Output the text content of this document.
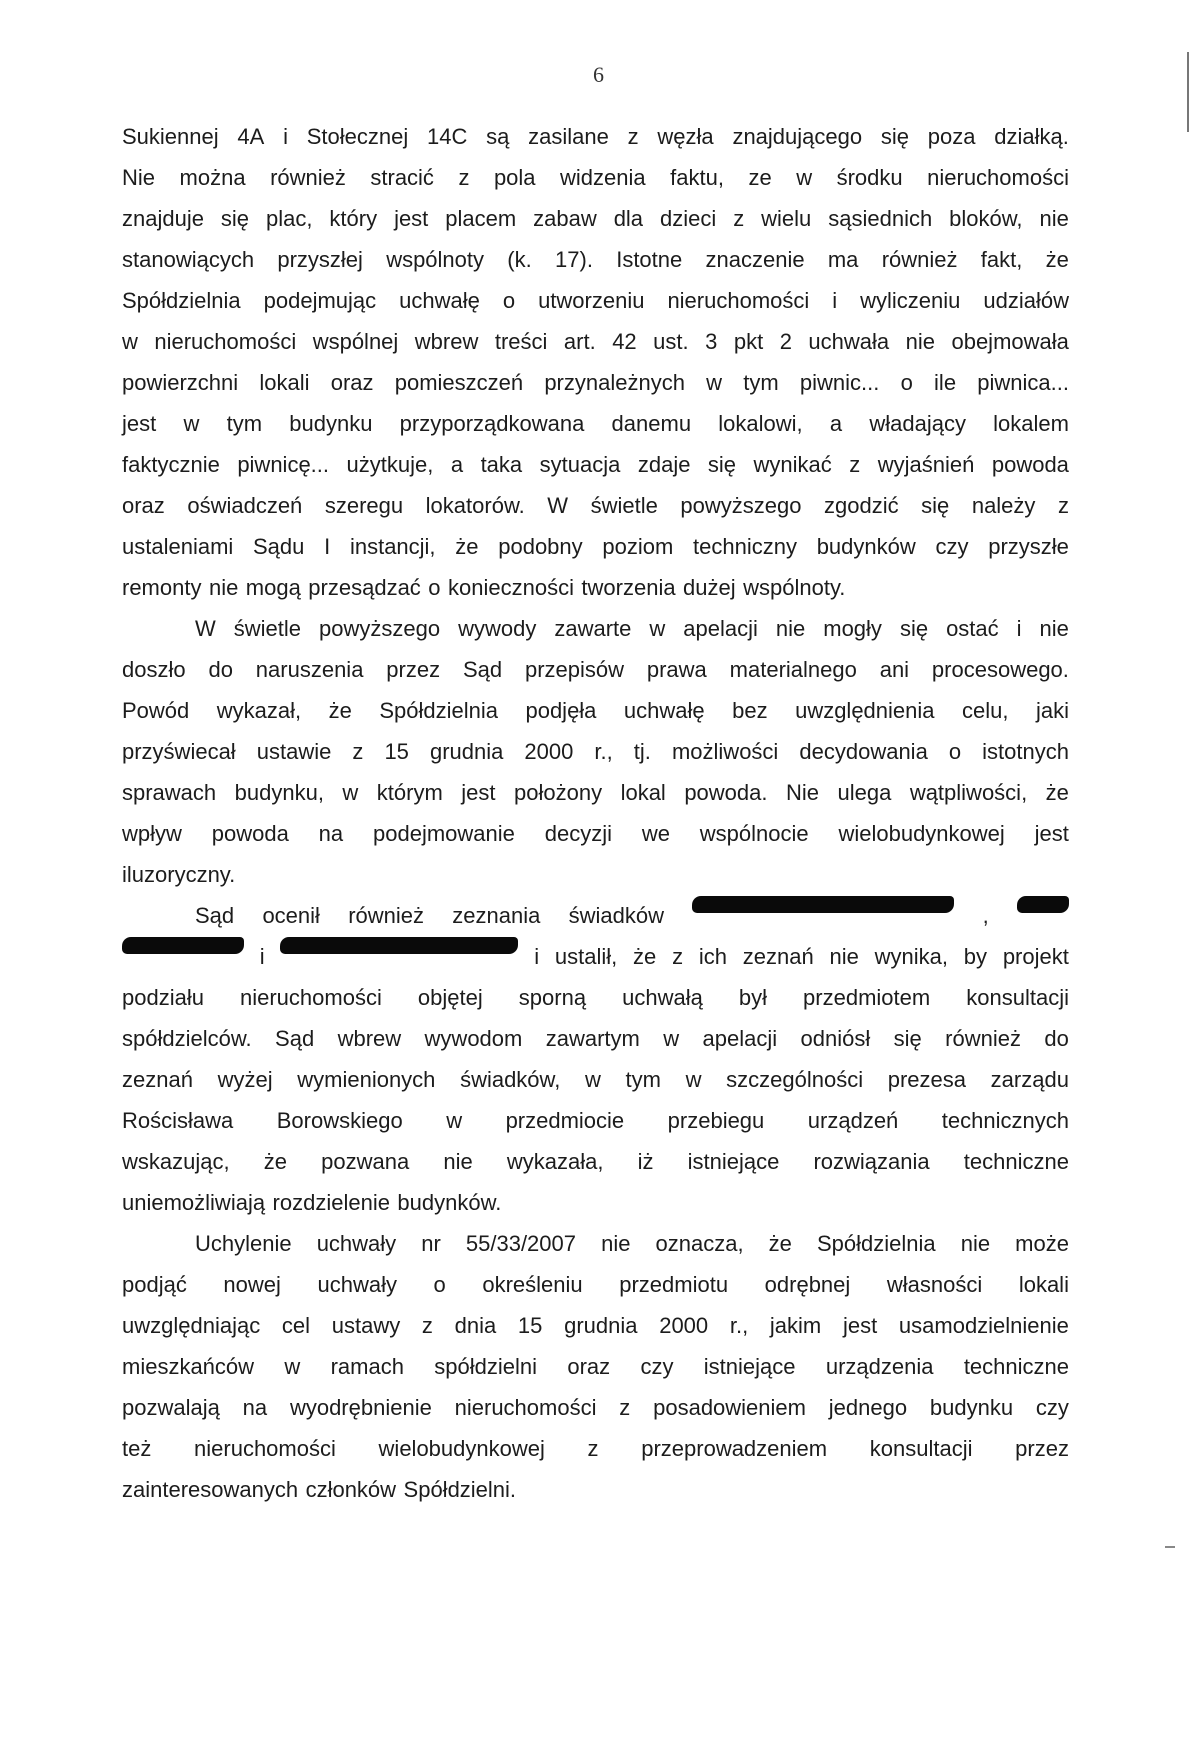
6
Sukiennej 4A i Stołecznej 14C są zasilane z węzła znajdującego się poza działką.
Nie można również stracić z pola widzenia faktu, ze w środku nieruchomości
znajduje się plac, który jest placem zabaw dla dzieci z wielu sąsiednich bloków, nie
stanowiących przyszłej wspólnoty (k. 17). Istotne znaczenie ma również fakt, że
Spółdzielnia podejmując uchwałę o utworzeniu nieruchomości i wyliczeniu udziałów
w nieruchomości wspólnej wbrew treści art. 42 ust. 3 pkt 2 uchwała nie obejmowała
powierzchni lokali oraz pomieszczeń przynależnych w tym piwnic... o ile piwnica...
jest w tym budynku przyporządkowana danemu lokalowi, a władający lokalem
faktycznie piwnicę... użytkuje, a taka sytuacja zdaje się wynikać z wyjaśnień powoda
oraz oświadczeń szeregu lokatorów. W świetle powyższego zgodzić się należy z
ustaleniami Sądu I instancji, że podobny poziom techniczny budynków czy przyszłe
remonty nie mogą przesądzać o konieczności tworzenia dużej wspólnoty.
W świetle powyższego wywody zawarte w apelacji nie mogły się ostać i nie
doszło do naruszenia przez Sąd przepisów prawa materialnego ani procesowego.
Powód wykazał, że Spółdzielnia podjęła uchwałę bez uwzględnienia celu, jaki
przyświecał ustawie z 15 grudnia 2000 r., tj. możliwości decydowania o istotnych
sprawach budynku, w którym jest położony lokal powoda. Nie ulega wątpliwości, że
wpływ powoda na podejmowanie decyzji we wspólnocie wielobudynkowej jest
iluzoryczny.
Sąd ocenił również zeznania świadków	,
i	i ustalił, że z ich zeznań nie wynika, by projekt
podziału nieruchomości objętej sporną uchwałą był przedmiotem konsultacji
spółdzielców. Sąd wbrew wywodom zawartym w apelacji odniósł się również do
zeznań wyżej wymienionych świadków, w tym w szczególności prezesa zarządu
Rościsława Borowskiego w przedmiocie przebiegu urządzeń technicznych
wskazując, że pozwana nie wykazała, iż istniejące rozwiązania techniczne
uniemożliwiają rozdzielenie budynków.
Uchylenie uchwały nr 55/33/2007 nie oznacza, że Spółdzielnia nie może
podjąć nowej uchwały o określeniu przedmiotu odrębnej własności lokali
uwzględniając cel ustawy z dnia 15 grudnia 2000 r., jakim jest usamodzielnienie
mieszkańców w ramach spółdzielni oraz czy istniejące urządzenia techniczne
pozwalają na wyodrębnienie nieruchomości z posadowieniem jednego budynku czy
też nieruchomości wielobudynkowej z przeprowadzeniem konsultacji przez
zainteresowanych członków Spółdzielni.
